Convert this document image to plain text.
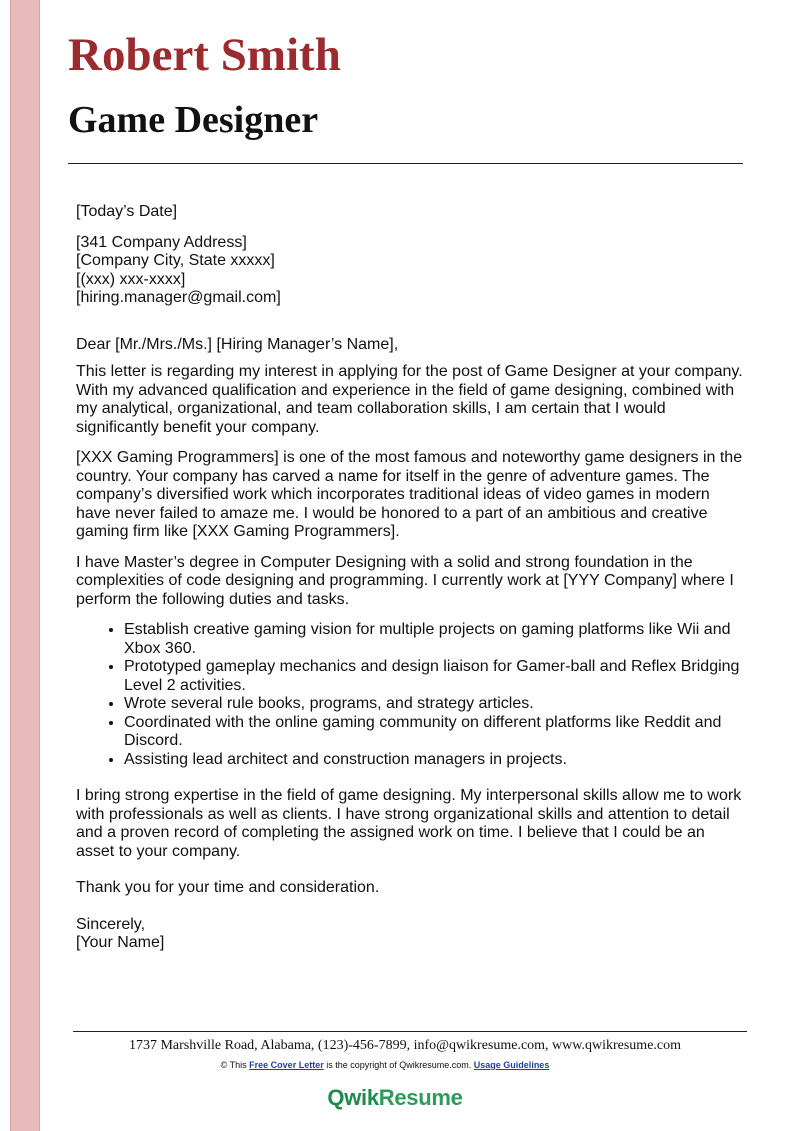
Robert Smith
Game Designer

[Today’s Date]

[341 Company Address]
[Company City, State xxxxx]
[(xxx) xxx-xxxx]
[hiring.manager@gmail.com]

Dear [Mr./Mrs./Ms.] [Hiring Manager’s Name],

This letter is regarding my interest in applying for the post of Game Designer at your company. With my advanced qualification and experience in the field of game designing, combined with my analytical, organizational, and team collaboration skills, I am certain that I would significantly benefit your company.

[XXX Gaming Programmers] is one of the most famous and noteworthy game designers in the country. Your company has carved a name for itself in the genre of adventure games. The company’s diversified work which incorporates traditional ideas of video games in modern have never failed to amaze me. I would be honored to a part of an ambitious and creative gaming firm like [XXX Gaming Programmers].

I have Master’s degree in Computer Designing with a solid and strong foundation in the complexities of code designing and programming. I currently work at [YYY Company] where I perform the following duties and tasks.

• Establish creative gaming vision for multiple projects on gaming platforms like Wii and Xbox 360.
• Prototyped gameplay mechanics and design liaison for Gamer-ball and Reflex Bridging Level 2 activities.
• Wrote several rule books, programs, and strategy articles.
• Coordinated with the online gaming community on different platforms like Reddit and Discord.
• Assisting lead architect and construction managers in projects.

I bring strong expertise in the field of game designing. My interpersonal skills allow me to work with professionals as well as clients. I have strong organizational skills and attention to detail and a proven record of completing the assigned work on time. I believe that I could be an asset to your company.

Thank you for your time and consideration.

Sincerely,
[Your Name]
1737 Marshville Road, Alabama, (123)-456-7899, info@qwikresume.com, www.qwikresume.com
© This Free Cover Letter is the copyright of Qwikresume.com. Usage Guidelines
QwikResume
